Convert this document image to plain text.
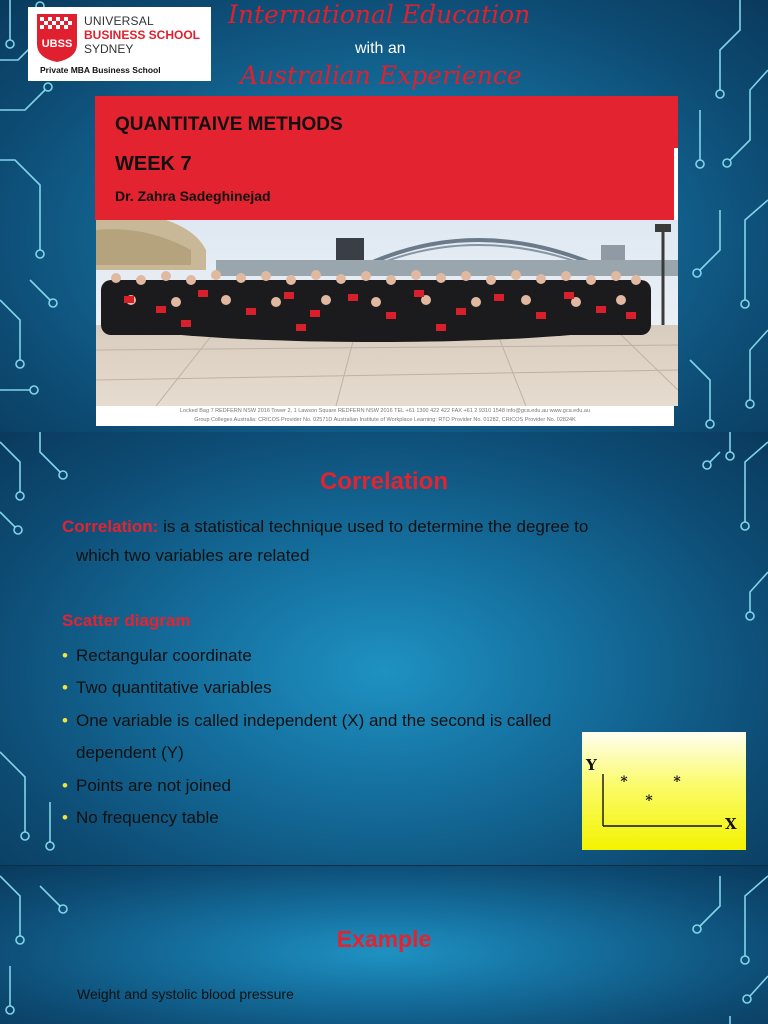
UBSS
UNIVERSAL
BUSINESS SCHOOL
SYDNEY
Private MBA Business School
International Education
with an
Australian Experience
QUANTITAIVE METHODS
WEEK 7
Dr. Zahra Sadeghinejad
Locked Bag 7 REDFERN NSW 2016 Tower 2, 1 Lawson Square REDFERN NSW 2016 TEL +61 1300 422 422 FAX +61 2 9310 1548 info@gca.edu.au www.gca.edu.au
Group Colleges Australia: CRICOS Provider No. 02571D Australian Institute of Workplace Learning: RTO Provider No. 01282, CRICOS Provider No. 02824K
Correlation
Correlation: is a statistical technique used to determine the degree to
which two variables are related
Scatter diagram
• Rectangular coordinate
• Two quantitative variables
• One variable is called independent (X) and the second is called dependent (Y)
• Points are not joined
• No frequency table
Y
X
*	*
*
Example
Weight and systolic blood pressure
